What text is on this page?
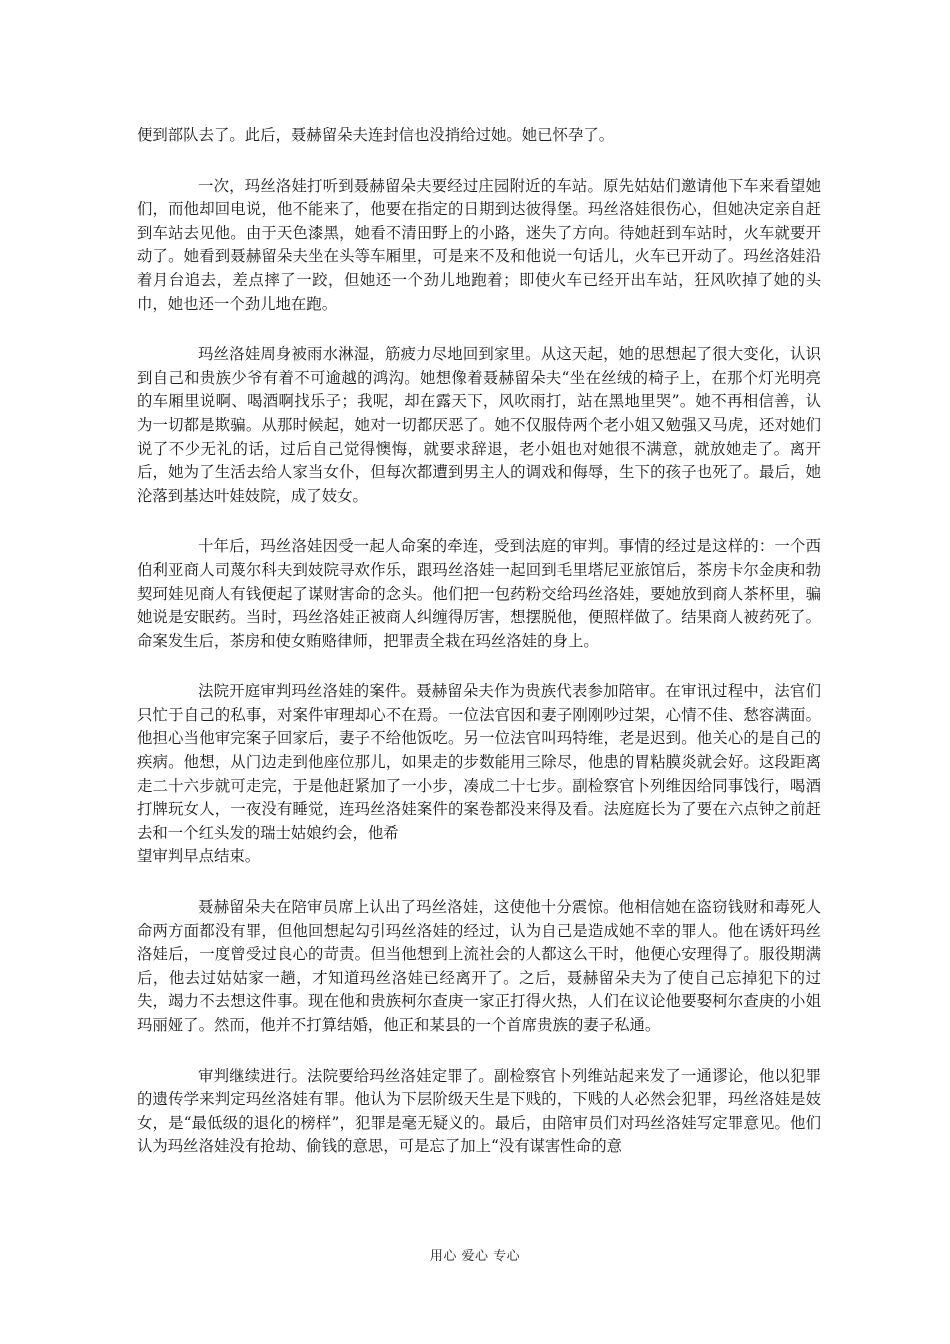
便到部队去了。此后，聂赫留朵夫连封信也没捎给过她。她已怀孕了。

一次，玛丝洛娃打听到聂赫留朵夫要经过庄园附近的车站。原先姑姑们邀请他下车来看望她们，而他却回电说，他不能来了，他要在指定的日期到达彼得堡。玛丝洛娃很伤心，但她决定亲自赶到车站去见他。由于天色漆黑，她看不清田野上的小路，迷失了方向。待她赶到车站时，火车就要开动了。她看到聂赫留朵夫坐在头等车厢里，可是来不及和他说一句话儿，火车已开动了。玛丝洛娃沿着月台追去，差点摔了一跤，但她还一个劲儿地跑着；即使火车已经开出车站，狂风吹掉了她的头巾，她也还一个劲儿地在跑。

玛丝洛娃周身被雨水淋湿，筋疲力尽地回到家里。从这天起，她的思想起了很大变化，认识到自己和贵族少爷有着不可逾越的鸿沟。她想像着聂赫留朵夫“坐在丝绒的椅子上，在那个灯光明亮的车厢里说啊、喝酒啊找乐子；我呢，却在露天下，风吹雨打，站在黑地里哭”。她不再相信善，认为一切都是欺骗。从那时候起，她对一切都厌恶了。她不仅服侍两个老小姐又勉强又马虎，还对她们说了不少无礼的话，过后自己觉得懊悔，就要求辞退，老小姐也对她很不满意，就放她走了。离开后，她为了生活去给人家当女仆，但每次都遭到男主人的调戏和侮辱，生下的孩子也死了。最后，她沦落到基达叶娃妓院，成了妓女。

十年后，玛丝洛娃因受一起人命案的牵连，受到法庭的审判。事情的经过是这样的：一个西伯利亚商人司蔑尔科夫到妓院寻欢作乐，跟玛丝洛娃一起回到毛里塔尼亚旅馆后，茶房卡尔金庚和勃契珂娃见商人有钱便起了谋财害命的念头。他们把一包药粉交给玛丝洛娃，要她放到商人茶杯里，骗她说是安眠药。当时，玛丝洛娃正被商人纠缠得厉害，想摆脱他，便照样做了。结果商人被药死了。命案发生后，茶房和使女贿赂律师，把罪责全栽在玛丝洛娃的身上。

法院开庭审判玛丝洛娃的案件。聂赫留朵夫作为贵族代表参加陪审。在审讯过程中，法官们只忙于自己的私事，对案件审理却心不在焉。一位法官因和妻子刚刚吵过架，心情不佳、愁容满面。他担心当他审完案子回家后，妻子不给他饭吃。另一位法官叫玛特维，老是迟到。他关心的是自己的疾病。他想，从门边走到他座位那儿，如果走的步数能用三除尽，他患的胃粘膜炎就会好。这段距离走二十六步就可走完，于是他赶紧加了一小步，凑成二十七步。副检察官卜列维因给同事饯行，喝酒打牌玩女人，一夜没有睡觉，连玛丝洛娃案件的案卷都没来得及看。法庭庭长为了要在六点钟之前赶去和一个红头发的瑞士姑娘约会，他希
望审判早点结束。

聂赫留朵夫在陪审员席上认出了玛丝洛娃，这使他十分震惊。他相信她在盗窃钱财和毒死人命两方面都没有罪，但他回想起勾引玛丝洛娃的经过，认为自己是造成她不幸的罪人。他在诱奸玛丝洛娃后，一度曾受过良心的苛责。但当他想到上流社会的人都这么干时，他便心安理得了。服役期满后，他去过姑姑家一趟，才知道玛丝洛娃已经离开了。之后，聂赫留朵夫为了使自己忘掉犯下的过失，竭力不去想这件事。现在他和贵族柯尔查庚一家正打得火热，人们在议论他要娶柯尔查庚的小姐玛丽娅了。然而，他并不打算结婚，他正和某县的一个首席贵族的妻子私通。

审判继续进行。法院要给玛丝洛娃定罪了。副检察官卜列维站起来发了一通谬论，他以犯罪的遗传学来判定玛丝洛娃有罪。他认为下层阶级天生是下贱的，下贱的人必然会犯罪，玛丝洛娃是妓女，是“最低级的退化的榜样”，犯罪是毫无疑义的。最后，由陪审员们对玛丝洛娃写定罪意见。他们认为玛丝洛娃没有抢劫、偷钱的意思，可是忘了加上“没有谋害性命的意

用心 爱心 专心
